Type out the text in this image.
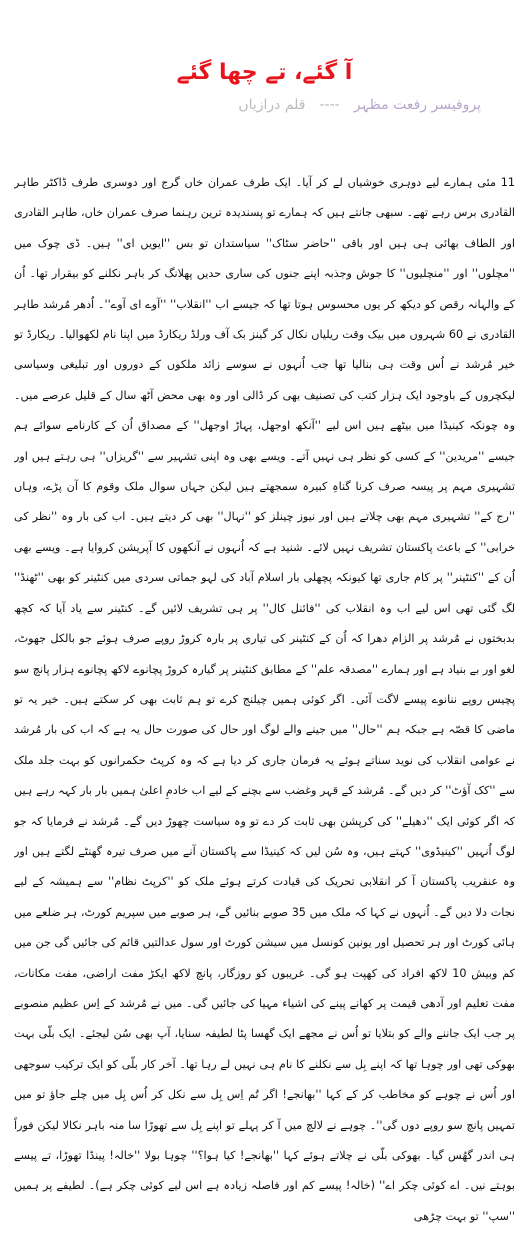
آ گئے، تے چھا گئے
پروفیسر رفعت مظہر----قلم درازیاں

11 مئی ہمارے لیے دوہری خوشیاں لے کر آیا۔ ایک طرف عمران خاں گرج اور دوسری طرف ڈاکٹر طاہر القادری برس رہے تھے۔ سبھی جانتے ہیں کہ ہمارے تو پسندیدہ ترین رہنما صرف عمران خاں، طاہر القادری اور الطاف بھائی ہی ہیں اور باقی ''حاضر سٹاک'' سیاستدان تو بس ''ایویں ای'' ہیں۔ ڈی چوک میں ''مچلوں'' اور ''منچلیوں'' کا جوش وجذبہ اپنے جنوں کی ساری حدیں پھلانگ کر باہر نکلنے کو بیقرار تھا۔ اُن کے والہانہ رقص کو دیکھ کر یوں محسوس ہوتا تھا کہ جیسے اب ''انقلاب'' ''آوے ای آوے''۔ اُدھر مُرشد طاہر القادری نے 60 شہروں میں بیک وقت ریلیاں نکال کر گینز بک آف ورلڈ ریکارڈ میں اپنا نام لکھوالیا۔ ریکارڈ تو خیر مُرشد نے اُس وقت ہی بنالیا تھا جب اُنہوں نے سوسے زائد ملکوں کے دوروں اور تبلیغی وسیاسی لیکچروں کے باوجود ایک ہزار کتب کی تصنیف بھی کر ڈالی اور وہ بھی محض آٹھ سال کے قلیل عرصے میں۔ وہ چونکہ کینیڈا میں بیٹھے ہیں اس لیے ''آنکھ اوجھل، پہاڑ اوجھل'' کے مصداق اُن کے کارنامے سوائے ہم جیسے ''مریدین'' کے کسی کو نظر ہی نہیں آتے۔ ویسے بھی وہ اپنی تشہیر سے ''گریزاں'' ہی رہتے ہیں اور تشہیری مہم پر پیسہ صرف کرنا گناہِ کبیرہ سمجھتے ہیں لیکن جہاں سوال ملک وقوم کا آن پڑے، وہاں ''رج کے'' تشہیری مہم بھی چلاتے ہیں اور نیوز چینلز کو ''نہال'' بھی کر دیتے ہیں۔ اب کی بار وہ ''نظر کی خرابی'' کے باعث پاکستان تشریف نہیں لائے۔ شنید ہے کہ اُنہوں نے آنکھوں کا آپریشن کروایا ہے۔ ویسے بھی اُن کے ''کنٹینر'' پر کام جاری تھا کیونکہ پچھلی بار اسلام آباد کی لہو جماتی سردی میں کنٹینر کو بھی ''ٹھنڈ'' لگ گئی تھی اس لیے اب وہ انقلاب کی ''فائنل کال'' پر ہی تشریف لائیں گے۔ کنٹینر سے یاد آیا کہ کچھ بدبختوں نے مُرشد پر الزام دھرا کہ اُن کے کنٹینر کی تیاری پر بارہ کروڑ روپے صرف ہوئے جو بالکل جھوٹ، لغو اور بے بنیاد ہے اور ہمارے ''مصدقہ علم'' کے مطابق کنٹینر پر گیارہ کروڑ پچانوے لاکھ پچانوے ہزار پانچ سو پچیس روپے ننانوے پیسے لاگت آئی۔ اگر کوئی ہمیں چیلنج کرے تو ہم ثابت بھی کر سکتے ہیں۔ خیر یہ تو ماضی کا قصّہ ہے جبکہ ہم ''حال'' میں جینے والے لوگ اور حال کی صورت حال یہ ہے کہ اب کی بار مُرشد نے عوامی انقلاب کی نوید سناتے ہوئے یہ فرمان جاری کر دیا ہے کہ وہ کرپٹ حکمرانوں کو بہت جلد ملک سے ''کک آؤٹ'' کر دیں گے۔ مُرشد کے قہر وغضب سے بچنے کے لیے اب خادمِ اعلیٰ ہمیں بار بار کہہ رہے ہیں کہ اگر کوئی ایک ''دھیلے'' کی کرپشن بھی ثابت کر دے تو وہ سیاست چھوڑ دیں گے۔ مُرشد نے فرمایا کہ جو لوگ اُنہیں ''کینیڈوی'' کہتے ہیں، وہ سُن لیں کہ کینیڈا سے پاکستان آنے میں صرف تیرہ گھنٹے لگتے ہیں اور وہ عنقریب پاکستان آ کر انقلابی تحریک کی قیادت کرتے ہوئے ملک کو ''کرپٹ نظام'' سے ہمیشہ کے لیے نجات دلا دیں گے۔ اُنہوں نے کہا کہ ملک میں 35 صوبے بنائیں گے، ہر صوبے میں سپریم کورٹ، ہر ضلعے میں ہائی کورٹ اور ہر تحصیل اور یونین کونسل میں سیشن کورٹ اور سول عدالتیں قائم کی جائیں گی جن میں کم وبیش 10 لاکھ افراد کی کھپت ہو گی۔ غریبوں کو روزگار، پانچ لاکھ ایکڑ مفت اراضی، مفت مکانات، مفت تعلیم اور آدھی قیمت پر کھانے پینے کی اشیاء مہیا کی جائیں گی۔ میں نے مُرشد کے اِس عظیم منصوبے پر جب ایک جاننے والے کو بتلایا تو اُس نے مجھے ایک گھسا پٹا لطیفہ سنایا، آپ بھی سُن لیجئے۔ ایک بلّی بہت بھوکی تھی اور چوہا تھا کہ اپنے بِل سے نکلنے کا نام ہی نہیں لے رہا تھا۔ آخر کار بلّی کو ایک ترکیب سوجھی اور اُس نے چوہے کو مخاطب کر کے کہا ''بھانجے! اگر تُم اِس بِل سے نکل کر اُس بِل میں چلے جاؤ تو میں تمہیں پانچ سو روپے دوں گی''۔ چوہے نے لالچ میں آ کر پہلے تو اپنے بِل سے تھوڑا سا منہ باہر نکالا لیکن فوراً ہی اندر گھُس گیا۔ بھوکی بلّی نے چلاتے ہوئے کہا ''بھانجے! کیا ہوا؟'' چوہا بولا ''خالہ! پینڈا تھوڑا، تے پیسے بوہتے نیں۔ اے کوئی چکر اے'' (خالہ! پیسے کم اور فاصلہ زیادہ ہے اس لیے کوئی چکر ہے)۔ لطیفے پر ہمیں ''سپ'' تو بہت چڑھی
